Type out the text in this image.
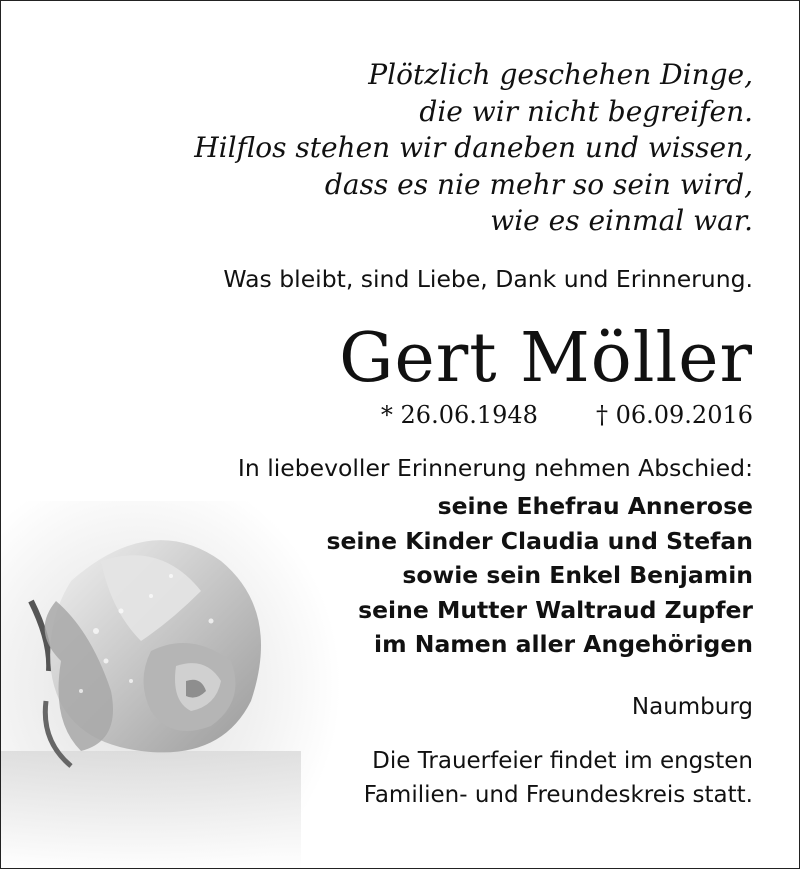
Plötzlich geschehen Dinge,
die wir nicht begreifen.
Hilflos stehen wir daneben und wissen,
dass es nie mehr so sein wird,
wie es einmal war.
Was bleibt, sind Liebe, Dank und Erinnerung.
Gert Möller
* 26.06.1948 † 06.09.2016
In liebevoller Erinnerung nehmen Abschied:
seine Ehefrau Annerose
seine Kinder Claudia und Stefan
sowie sein Enkel Benjamin
seine Mutter Waltraud Zupfer
im Namen aller Angehörigen
Naumburg
Die Trauerfeier findet im engsten
Familien- und Freundeskreis statt.
